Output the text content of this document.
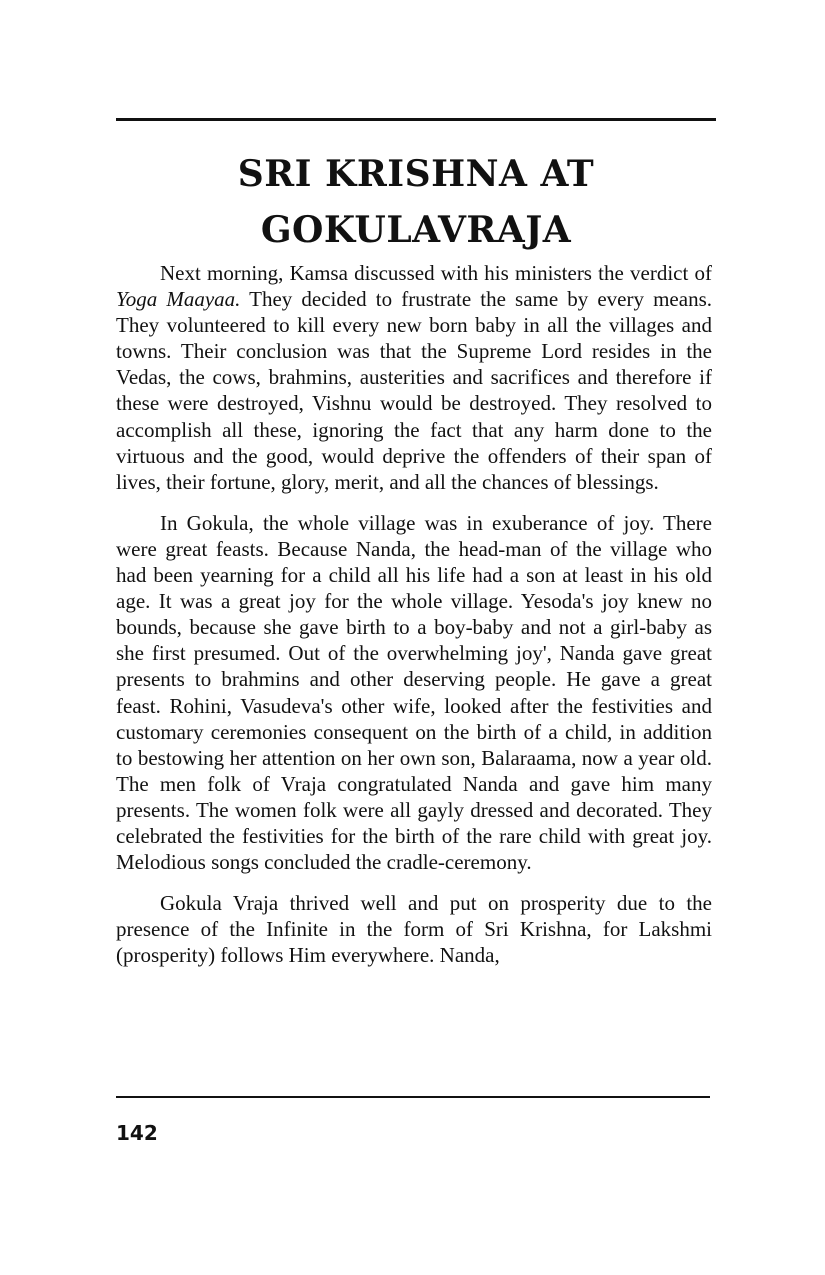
SRI KRISHNA AT
GOKULAVRAJA

Next morning, Kamsa discussed with his ministers the verdict of Yoga Maayaa. They decided to frustrate the same by every means. They volunteered to kill every new born baby in all the villages and towns. Their conclusion was that the Supreme Lord resides in the Vedas, the cows, brahmins, austerities and sacrifices and therefore if these were destroyed, Vishnu would be destroyed. They resolved to accomplish all these, ignoring the fact that any harm done to the virtuous and the good, would deprive the offenders of their span of lives, their fortune, glory, merit, and all the chances of blessings.

In Gokula, the whole village was in exuberance of joy. There were great feasts. Because Nanda, the head-man of the village who had been yearning for a child all his life had a son at least in his old age. It was a great joy for the whole village. Yesoda's joy knew no bounds, because she gave birth to a boy-baby and not a girl-baby as she first presumed. Out of the overwhelming joy', Nanda gave great presents to brahmins and other deserving people. He gave a great feast. Rohini, Vasudeva's other wife, looked after the festivities and customary ceremonies consequent on the birth of a child, in addition to bestowing her attention on her own son, Balaraama, now a year old. The men folk of Vraja congratulated Nanda and gave him many presents. The women folk were all gayly dressed and decorated. They celebrated the festivities for the birth of the rare child with great joy. Melodious songs concluded the cradle-ceremony.

Gokula Vraja thrived well and put on prosperity due to the presence of the Infinite in the form of Sri Krishna, for Lakshmi (prosperity) follows Him everywhere. Nanda,

142
